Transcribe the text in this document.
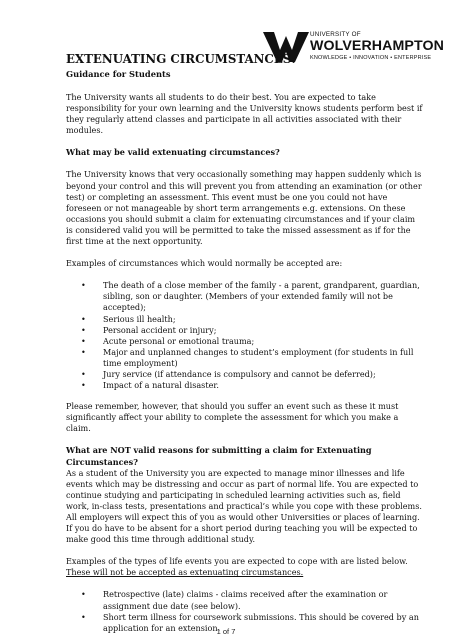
UNIVERSITY OF
WOLVERHAMPTON
KNOWLEDGE • INNOVATION • ENTERPRISE
EXTENUATING CIRCUMSTANCES:
Guidance for Students

The University wants all students to do their best. You are expected to take responsibility for your own learning and the University knows students perform best if they regularly attend classes and participate in all activities associated with their modules.

What may be valid extenuating circumstances?

The University knows that very occasionally something may happen suddenly which is beyond your control and this will prevent you from attending an examination (or other test) or completing an assessment. This event must be one you could not have foreseen or not manageable by short term arrangements e.g. extensions. On these occasions you should submit a claim for extenuating circumstances and if your claim is considered valid you will be permitted to take the missed assessment as if for the first time at the next opportunity.

Examples of circumstances which would normally be accepted are:

• The death of a close member of the family - a parent, grandparent, guardian, sibling, son or daughter. (Members of your extended family will not be accepted);
• Serious ill health;
• Personal accident or injury;
• Acute personal or emotional trauma;
• Major and unplanned changes to student’s employment (for students in full time employment)
• Jury service (if attendance is compulsory and cannot be deferred);
• Impact of a natural disaster.

Please remember, however, that should you suffer an event such as these it must significantly affect your ability to complete the assessment for which you make a claim.

What are NOT valid reasons for submitting a claim for Extenuating Circumstances?

As a student of the University you are expected to manage minor illnesses and life events which may be distressing and occur as part of normal life. You are expected to continue studying and participating in scheduled learning activities such as, field work, in-class tests, presentations and practical’s while you cope with these problems. All employers will expect this of you as would other Universities or places of learning. If you do have to be absent for a short period during teaching you will be expected to make good this time through additional study.

Examples of the types of life events you are expected to cope with are listed below. These will not be accepted as extenuating circumstances.

• Retrospective (late) claims - claims received after the examination or assignment due date (see below).
• Short term illness for coursework submissions. This should be covered by an application for an extension.
1 of 7
